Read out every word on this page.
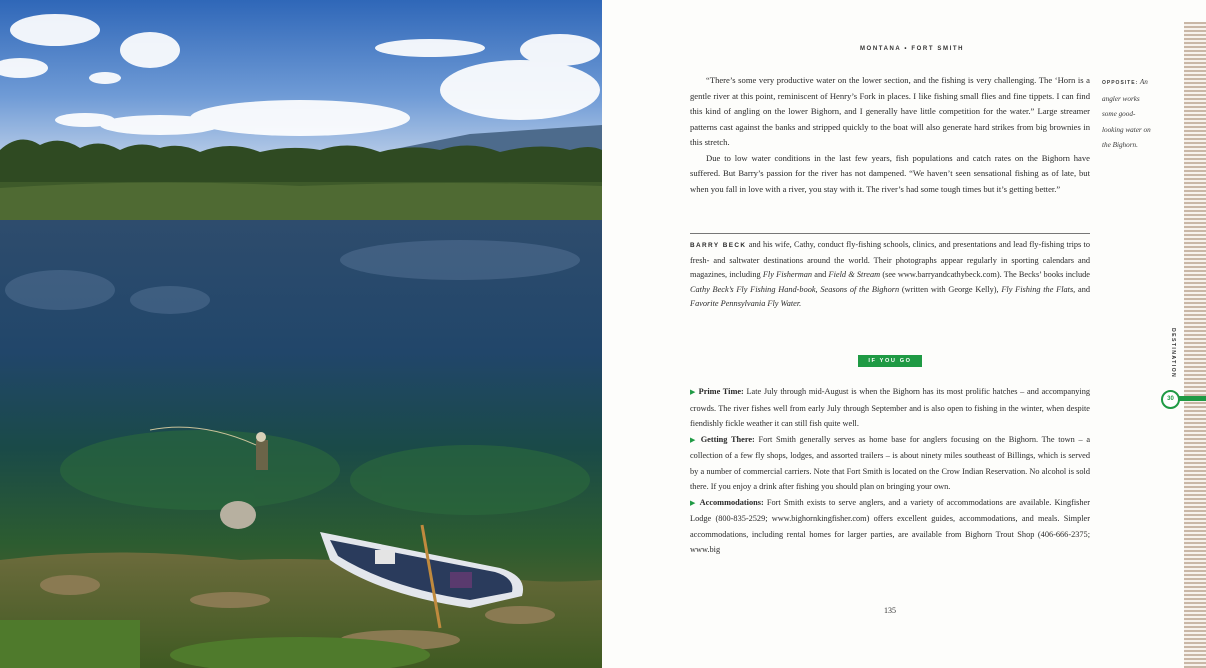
MONTANA • FORT SMITH

“There’s some very productive water on the lower section, and the fishing is very challenging. The ‘Horn is a gentle river at this point, reminiscent of Henry’s Fork in places. I like fishing small flies and fine tippets. I can find this kind of angling on the lower Bighorn, and I generally have little competition for the water.” Large streamer patterns cast against the banks and stripped quickly to the boat will also generate hard strikes from big brownies in this stretch.

Due to low water conditions in the last few years, fish populations and catch rates on the Bighorn have suffered. But Barry’s passion for the river has not dampened. “We haven’t seen sensational fishing as of late, but when you fall in love with a river, you stay with it. The river’s had some tough times but it’s getting better.”

OPPOSITE: An angler works some good-looking water on the Bighorn.
BARRY BECK and his wife, Cathy, conduct fly-fishing schools, clinics, and presentations and lead fly-fishing trips to fresh- and saltwater destinations around the world. Their photographs appear regularly in sporting calendars and magazines, including Fly Fisherman and Field & Stream (see www.barryandcathybeck.com). The Becks’ books include Cathy Beck’s Fly Fishing Hand-book, Seasons of the Bighorn (written with George Kelly), Fly Fishing the Flats, and Favorite Pennsylvania Fly Water.
IF YOU GO

▶ Prime Time: Late July through mid-August is when the Bighorn has its most prolific hatches – and accompanying crowds. The river fishes well from early July through September and is also open to fishing in the winter, when despite fiendishly fickle weather it can still fish quite well.

▶ Getting There: Fort Smith generally serves as home base for anglers focusing on the Bighorn. The town – a collection of a few fly shops, lodges, and assorted trailers – is about ninety miles southeast of Billings, which is served by a number of commercial carriers. Note that Fort Smith is located on the Crow Indian Reservation. No alcohol is sold there. If you enjoy a drink after fishing you should plan on bringing your own.

▶ Accommodations: Fort Smith exists to serve anglers, and a variety of accommodations are available. Kingfisher Lodge (800-835-2529; www.bighornkingfisher.com) offers excellent guides, accommodations, and meals. Simpler accommodations, including rental homes for larger parties, are available from Bighorn Trout Shop (406-666-2375; www.big

135
DESTINATION
30
